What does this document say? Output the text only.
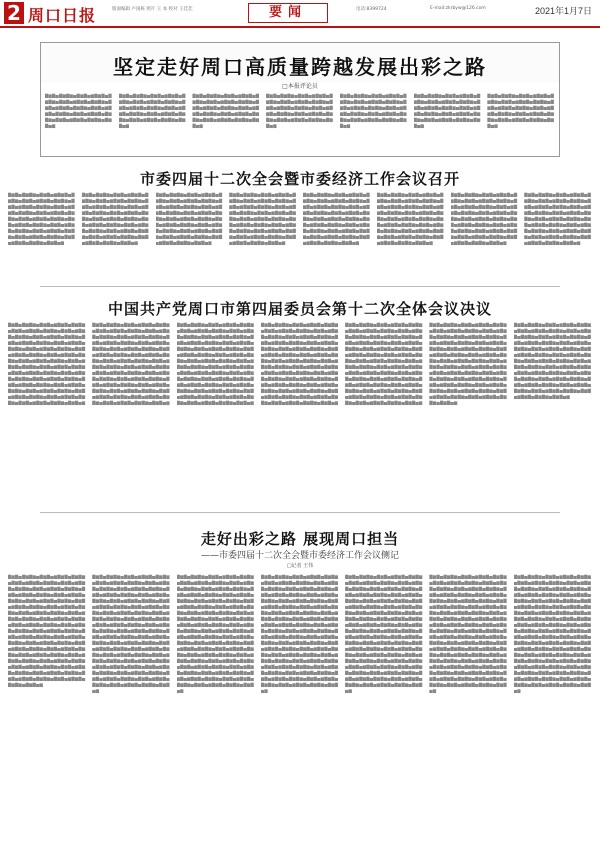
2 周口日报	版面编辑 卢国栋 照片 王 本 校对 王佳佳	要闻	电话:8399724	E-mail:zkrbyw@126.com	2021年1月7日
坚定走好周口高质量跨越发展出彩之路
□本报评论员
▇▆▇▅▇▆▇▆▅▇▆▇▅▆▇▆▇▅▇▆▇▆▅▇▆▇▅▆▇▆▇▅▇▆▇▆▅▇▆▇▅▆▇▆▇▅▇▆▇▆▅▇▆▇▅▆▇▆▇▅▇▆▇▆▅▇▆▇▅▆▇▆▇▅▇▆▇▆▅▇▆▇▅▆▇▆▇▅▇▆▇▆▅▇▆▇▅▆
▇▆▇▅▇▆▇▆▅▇▆▇▅▆▇▆▇▅▇▆▇▆▅▇▆▇▅▆▇▆▇▅▇▆▇▆▅▇▆▇▅▆▇▆▇▅▇▆▇▆▅▇▆▇▅▆▇▆▇▅▇▆▇▆▅▇▆▇▅▆▇▆▇▅▇▆▇▆▅▇▆▇▅▆▇▆▇▅▇▆▇▆▅▇▆▇▅▆
▇▆▇▅▇▆▇▆▅▇▆▇▅▆▇▆▇▅▇▆▇▆▅▇▆▇▅▆▇▆▇▅▇▆▇▆▅▇▆▇▅▆▇▆▇▅▇▆▇▆▅▇▆▇▅▆▇▆▇▅▇▆▇▆▅▇▆▇▅▆▇▆▇▅▇▆▇▆▅▇▆▇▅▆▇▆▇▅▇▆▇▆▅▇▆▇▅▆
▇▆▇▅▇▆▇▆▅▇▆▇▅▆▇▆▇▅▇▆▇▆▅▇▆▇▅▆▇▆▇▅▇▆▇▆▅▇▆▇▅▆▇▆▇▅▇▆▇▆▅▇▆▇▅▆▇▆▇▅▇▆▇▆▅▇▆▇▅▆▇▆▇▅▇▆▇▆▅▇▆▇▅▆▇▆▇▅▇▆▇▆▅▇▆▇▅▆
▇▆▇▅▇▆▇▆▅▇▆▇▅▆▇▆▇▅▇▆▇▆▅▇▆▇▅▆▇▆▇▅▇▆▇▆▅▇▆▇▅▆▇▆▇▅▇▆▇▆▅▇▆▇▅▆▇▆▇▅▇▆▇▆▅▇▆▇▅▆▇▆▇▅▇▆▇▆▅▇▆▇▅▆▇▆▇▅▇▆▇▆▅▇▆▇▅▆
▇▆▇▅▇▆▇▆▅▇▆▇▅▆▇▆▇▅▇▆▇▆▅▇▆▇▅▆▇▆▇▅▇▆▇▆▅▇▆▇▅▆▇▆▇▅▇▆▇▆▅▇▆▇▅▆▇▆▇▅▇▆▇▆▅▇▆▇▅▆▇▆▇▅▇▆▇▆▅▇▆▇▅▆▇▆▇▅▇▆▇▆▅▇▆▇▅▆
▇▆▇▅▇▆▇▆▅▇▆▇▅▆▇▆▇▅▇▆▇▆▅▇▆▇▅▆▇▆▇▅▇▆▇▆▅▇▆▇▅▆▇▆▇▅▇▆▇▆▅▇▆▇▅▆▇▆▇▅▇▆▇▆▅▇▆▇▅▆▇▆▇▅▇▆▇▆▅▇▆▇▅▆▇▆▇▅▇▆▇▆▅▇▆▇▅▆
市委四届十二次全会暨市委经济工作会议召开
▇▆▇▅▇▆▇▆▅▇▆▇▅▆▇▆▇▅▇▆▇▆▅▇▆▇▅▆▇▆▇▅▇▆▇▆▅▇▆▇▅▆▇▆▇▅▇▆▇▆▅▇▆▇▅▆▇▆▇▅▇▆▇▆▅▇▆▇▅▆▇▆▇▅▇▆▇▆▅▇▆▇▅▆▇▆▇▅▇▆▇▆▅▇▆▇▅▆▇▆▇▅▇▆▇▆▅▇▆▇▅▆▇▆▇▅▇▆▇▆▅▇▆▇▅▆▇▆▇▅▇▆▇▆▅▇▆▇▅▆▇▆▇▅▇▆▇▆▅▇▆▇▅▆▇▆▇▅▇▆▇▆▅▇▆▇▅▆
▇▆▇▅▇▆▇▆▅▇▆▇▅▆▇▆▇▅▇▆▇▆▅▇▆▇▅▆▇▆▇▅▇▆▇▆▅▇▆▇▅▆▇▆▇▅▇▆▇▆▅▇▆▇▅▆▇▆▇▅▇▆▇▆▅▇▆▇▅▆▇▆▇▅▇▆▇▆▅▇▆▇▅▆▇▆▇▅▇▆▇▆▅▇▆▇▅▆▇▆▇▅▇▆▇▆▅▇▆▇▅▆▇▆▇▅▇▆▇▆▅▇▆▇▅▆▇▆▇▅▇▆▇▆▅▇▆▇▅▆▇▆▇▅▇▆▇▆▅▇▆▇▅▆▇▆▇▅▇▆▇▆▅▇▆▇▅▆
▇▆▇▅▇▆▇▆▅▇▆▇▅▆▇▆▇▅▇▆▇▆▅▇▆▇▅▆▇▆▇▅▇▆▇▆▅▇▆▇▅▆▇▆▇▅▇▆▇▆▅▇▆▇▅▆▇▆▇▅▇▆▇▆▅▇▆▇▅▆▇▆▇▅▇▆▇▆▅▇▆▇▅▆▇▆▇▅▇▆▇▆▅▇▆▇▅▆▇▆▇▅▇▆▇▆▅▇▆▇▅▆▇▆▇▅▇▆▇▆▅▇▆▇▅▆▇▆▇▅▇▆▇▆▅▇▆▇▅▆▇▆▇▅▇▆▇▆▅▇▆▇▅▆▇▆▇▅▇▆▇▆▅▇▆▇▅▆
▇▆▇▅▇▆▇▆▅▇▆▇▅▆▇▆▇▅▇▆▇▆▅▇▆▇▅▆▇▆▇▅▇▆▇▆▅▇▆▇▅▆▇▆▇▅▇▆▇▆▅▇▆▇▅▆▇▆▇▅▇▆▇▆▅▇▆▇▅▆▇▆▇▅▇▆▇▆▅▇▆▇▅▆▇▆▇▅▇▆▇▆▅▇▆▇▅▆▇▆▇▅▇▆▇▆▅▇▆▇▅▆▇▆▇▅▇▆▇▆▅▇▆▇▅▆▇▆▇▅▇▆▇▆▅▇▆▇▅▆▇▆▇▅▇▆▇▆▅▇▆▇▅▆▇▆▇▅▇▆▇▆▅▇▆▇▅▆
▇▆▇▅▇▆▇▆▅▇▆▇▅▆▇▆▇▅▇▆▇▆▅▇▆▇▅▆▇▆▇▅▇▆▇▆▅▇▆▇▅▆▇▆▇▅▇▆▇▆▅▇▆▇▅▆▇▆▇▅▇▆▇▆▅▇▆▇▅▆▇▆▇▅▇▆▇▆▅▇▆▇▅▆▇▆▇▅▇▆▇▆▅▇▆▇▅▆▇▆▇▅▇▆▇▆▅▇▆▇▅▆▇▆▇▅▇▆▇▆▅▇▆▇▅▆▇▆▇▅▇▆▇▆▅▇▆▇▅▆▇▆▇▅▇▆▇▆▅▇▆▇▅▆▇▆▇▅▇▆▇▆▅▇▆▇▅▆
▇▆▇▅▇▆▇▆▅▇▆▇▅▆▇▆▇▅▇▆▇▆▅▇▆▇▅▆▇▆▇▅▇▆▇▆▅▇▆▇▅▆▇▆▇▅▇▆▇▆▅▇▆▇▅▆▇▆▇▅▇▆▇▆▅▇▆▇▅▆▇▆▇▅▇▆▇▆▅▇▆▇▅▆▇▆▇▅▇▆▇▆▅▇▆▇▅▆▇▆▇▅▇▆▇▆▅▇▆▇▅▆▇▆▇▅▇▆▇▆▅▇▆▇▅▆▇▆▇▅▇▆▇▆▅▇▆▇▅▆▇▆▇▅▇▆▇▆▅▇▆▇▅▆▇▆▇▅▇▆▇▆▅▇▆▇▅▆
▇▆▇▅▇▆▇▆▅▇▆▇▅▆▇▆▇▅▇▆▇▆▅▇▆▇▅▆▇▆▇▅▇▆▇▆▅▇▆▇▅▆▇▆▇▅▇▆▇▆▅▇▆▇▅▆▇▆▇▅▇▆▇▆▅▇▆▇▅▆▇▆▇▅▇▆▇▆▅▇▆▇▅▆▇▆▇▅▇▆▇▆▅▇▆▇▅▆▇▆▇▅▇▆▇▆▅▇▆▇▅▆▇▆▇▅▇▆▇▆▅▇▆▇▅▆▇▆▇▅▇▆▇▆▅▇▆▇▅▆▇▆▇▅▇▆▇▆▅▇▆▇▅▆▇▆▇▅▇▆▇▆▅▇▆▇▅▆
▇▆▇▅▇▆▇▆▅▇▆▇▅▆▇▆▇▅▇▆▇▆▅▇▆▇▅▆▇▆▇▅▇▆▇▆▅▇▆▇▅▆▇▆▇▅▇▆▇▆▅▇▆▇▅▆▇▆▇▅▇▆▇▆▅▇▆▇▅▆▇▆▇▅▇▆▇▆▅▇▆▇▅▆▇▆▇▅▇▆▇▆▅▇▆▇▅▆▇▆▇▅▇▆▇▆▅▇▆▇▅▆▇▆▇▅▇▆▇▆▅▇▆▇▅▆▇▆▇▅▇▆▇▆▅▇▆▇▅▆▇▆▇▅▇▆▇▆▅▇▆▇▅▆▇▆▇▅▇▆▇▆▅▇▆▇▅▆
中国共产党周口市第四届委员会第十二次全体会议决议
▇▆▇▅▇▆▇▆▅▇▆▇▅▆▇▆▇▅▇▆▇▆▅▇▆▇▅▆▇▆▇▅▇▆▇▆▅▇▆▇▅▆▇▆▇▅▇▆▇▆▅▇▆▇▅▆▇▆▇▅▇▆▇▆▅▇▆▇▅▆▇▆▇▅▇▆▇▆▅▇▆▇▅▆▇▆▇▅▇▆▇▆▅▇▆▇▅▆▇▆▇▅▇▆▇▆▅▇▆▇▅▆▇▆▇▅▇▆▇▆▅▇▆▇▅▆▇▆▇▅▇▆▇▆▅▇▆▇▅▆▇▆▇▅▇▆▇▆▅▇▆▇▅▆▇▆▇▅▇▆▇▆▅▇▆▇▅▆▇▆▇▅▇▆▇▆▅▇▆▇▅▆▇▆▇▅▇▆▇▆▅▇▆▇▅▆▇▆▇▅▇▆▇▆▅▇▆▇▅▆▇▆▇▅▇▆▇▆▅▇▆▇▅▆▇▆▇▅▇▆▇▆▅▇▆▇▅▆▇▆▇▅▇▆▇▆▅▇▆▇▅▆▇▆▇▅▇▆▇▆▅▇▆▇▅▆▇▆▇▅▇▆▇▆▅▇▆▇▅▆▇▆▇▅▇▆▇▆▅▇▆▇▅▆▇▆▇▅▇▆▇▆▅▇▆▇▅▆
▇▆▇▅▇▆▇▆▅▇▆▇▅▆▇▆▇▅▇▆▇▆▅▇▆▇▅▆▇▆▇▅▇▆▇▆▅▇▆▇▅▆▇▆▇▅▇▆▇▆▅▇▆▇▅▆▇▆▇▅▇▆▇▆▅▇▆▇▅▆▇▆▇▅▇▆▇▆▅▇▆▇▅▆▇▆▇▅▇▆▇▆▅▇▆▇▅▆▇▆▇▅▇▆▇▆▅▇▆▇▅▆▇▆▇▅▇▆▇▆▅▇▆▇▅▆▇▆▇▅▇▆▇▆▅▇▆▇▅▆▇▆▇▅▇▆▇▆▅▇▆▇▅▆▇▆▇▅▇▆▇▆▅▇▆▇▅▆▇▆▇▅▇▆▇▆▅▇▆▇▅▆▇▆▇▅▇▆▇▆▅▇▆▇▅▆▇▆▇▅▇▆▇▆▅▇▆▇▅▆▇▆▇▅▇▆▇▆▅▇▆▇▅▆▇▆▇▅▇▆▇▆▅▇▆▇▅▆▇▆▇▅▇▆▇▆▅▇▆▇▅▆▇▆▇▅▇▆▇▆▅▇▆▇▅▆▇▆▇▅▇▆▇▆▅▇▆▇▅▆▇▆▇▅▇▆▇▆▅▇▆▇▅▆▇▆▇▅▇▆▇▆▅▇▆▇▅▆
▇▆▇▅▇▆▇▆▅▇▆▇▅▆▇▆▇▅▇▆▇▆▅▇▆▇▅▆▇▆▇▅▇▆▇▆▅▇▆▇▅▆▇▆▇▅▇▆▇▆▅▇▆▇▅▆▇▆▇▅▇▆▇▆▅▇▆▇▅▆▇▆▇▅▇▆▇▆▅▇▆▇▅▆▇▆▇▅▇▆▇▆▅▇▆▇▅▆▇▆▇▅▇▆▇▆▅▇▆▇▅▆▇▆▇▅▇▆▇▆▅▇▆▇▅▆▇▆▇▅▇▆▇▆▅▇▆▇▅▆▇▆▇▅▇▆▇▆▅▇▆▇▅▆▇▆▇▅▇▆▇▆▅▇▆▇▅▆▇▆▇▅▇▆▇▆▅▇▆▇▅▆▇▆▇▅▇▆▇▆▅▇▆▇▅▆▇▆▇▅▇▆▇▆▅▇▆▇▅▆▇▆▇▅▇▆▇▆▅▇▆▇▅▆▇▆▇▅▇▆▇▆▅▇▆▇▅▆▇▆▇▅▇▆▇▆▅▇▆▇▅▆▇▆▇▅▇▆▇▆▅▇▆▇▅▆▇▆▇▅▇▆▇▆▅▇▆▇▅▆▇▆▇▅▇▆▇▆▅▇▆▇▅▆▇▆▇▅▇▆▇▆▅▇▆▇▅▆
▇▆▇▅▇▆▇▆▅▇▆▇▅▆▇▆▇▅▇▆▇▆▅▇▆▇▅▆▇▆▇▅▇▆▇▆▅▇▆▇▅▆▇▆▇▅▇▆▇▆▅▇▆▇▅▆▇▆▇▅▇▆▇▆▅▇▆▇▅▆▇▆▇▅▇▆▇▆▅▇▆▇▅▆▇▆▇▅▇▆▇▆▅▇▆▇▅▆▇▆▇▅▇▆▇▆▅▇▆▇▅▆▇▆▇▅▇▆▇▆▅▇▆▇▅▆▇▆▇▅▇▆▇▆▅▇▆▇▅▆▇▆▇▅▇▆▇▆▅▇▆▇▅▆▇▆▇▅▇▆▇▆▅▇▆▇▅▆▇▆▇▅▇▆▇▆▅▇▆▇▅▆▇▆▇▅▇▆▇▆▅▇▆▇▅▆▇▆▇▅▇▆▇▆▅▇▆▇▅▆▇▆▇▅▇▆▇▆▅▇▆▇▅▆▇▆▇▅▇▆▇▆▅▇▆▇▅▆▇▆▇▅▇▆▇▆▅▇▆▇▅▆▇▆▇▅▇▆▇▆▅▇▆▇▅▆▇▆▇▅▇▆▇▆▅▇▆▇▅▆▇▆▇▅▇▆▇▆▅▇▆▇▅▆▇▆▇▅▇▆▇▆▅▇▆▇▅▆
▇▆▇▅▇▆▇▆▅▇▆▇▅▆▇▆▇▅▇▆▇▆▅▇▆▇▅▆▇▆▇▅▇▆▇▆▅▇▆▇▅▆▇▆▇▅▇▆▇▆▅▇▆▇▅▆▇▆▇▅▇▆▇▆▅▇▆▇▅▆▇▆▇▅▇▆▇▆▅▇▆▇▅▆▇▆▇▅▇▆▇▆▅▇▆▇▅▆▇▆▇▅▇▆▇▆▅▇▆▇▅▆▇▆▇▅▇▆▇▆▅▇▆▇▅▆▇▆▇▅▇▆▇▆▅▇▆▇▅▆▇▆▇▅▇▆▇▆▅▇▆▇▅▆▇▆▇▅▇▆▇▆▅▇▆▇▅▆▇▆▇▅▇▆▇▆▅▇▆▇▅▆▇▆▇▅▇▆▇▆▅▇▆▇▅▆▇▆▇▅▇▆▇▆▅▇▆▇▅▆▇▆▇▅▇▆▇▆▅▇▆▇▅▆▇▆▇▅▇▆▇▆▅▇▆▇▅▆▇▆▇▅▇▆▇▆▅▇▆▇▅▆▇▆▇▅▇▆▇▆▅▇▆▇▅▆▇▆▇▅▇▆▇▆▅▇▆▇▅▆▇▆▇▅▇▆▇▆▅▇▆▇▅▆▇▆▇▅▇▆▇▆▅▇▆▇▅▆
▇▆▇▅▇▆▇▆▅▇▆▇▅▆▇▆▇▅▇▆▇▆▅▇▆▇▅▆▇▆▇▅▇▆▇▆▅▇▆▇▅▆▇▆▇▅▇▆▇▆▅▇▆▇▅▆▇▆▇▅▇▆▇▆▅▇▆▇▅▆▇▆▇▅▇▆▇▆▅▇▆▇▅▆▇▆▇▅▇▆▇▆▅▇▆▇▅▆▇▆▇▅▇▆▇▆▅▇▆▇▅▆▇▆▇▅▇▆▇▆▅▇▆▇▅▆▇▆▇▅▇▆▇▆▅▇▆▇▅▆▇▆▇▅▇▆▇▆▅▇▆▇▅▆▇▆▇▅▇▆▇▆▅▇▆▇▅▆▇▆▇▅▇▆▇▆▅▇▆▇▅▆▇▆▇▅▇▆▇▆▅▇▆▇▅▆▇▆▇▅▇▆▇▆▅▇▆▇▅▆▇▆▇▅▇▆▇▆▅▇▆▇▅▆▇▆▇▅▇▆▇▆▅▇▆▇▅▆▇▆▇▅▇▆▇▆▅▇▆▇▅▆▇▆▇▅▇▆▇▆▅▇▆▇▅▆▇▆▇▅▇▆▇▆▅▇▆▇▅▆▇▆▇▅▇▆▇▆▅▇▆▇▅▆
▇▆▇▅▇▆▇▆▅▇▆▇▅▆▇▆▇▅▇▆▇▆▅▇▆▇▅▆▇▆▇▅▇▆▇▆▅▇▆▇▅▆▇▆▇▅▇▆▇▆▅▇▆▇▅▆▇▆▇▅▇▆▇▆▅▇▆▇▅▆▇▆▇▅▇▆▇▆▅▇▆▇▅▆▇▆▇▅▇▆▇▆▅▇▆▇▅▆▇▆▇▅▇▆▇▆▅▇▆▇▅▆▇▆▇▅▇▆▇▆▅▇▆▇▅▆▇▆▇▅▇▆▇▆▅▇▆▇▅▆▇▆▇▅▇▆▇▆▅▇▆▇▅▆▇▆▇▅▇▆▇▆▅▇▆▇▅▆▇▆▇▅▇▆▇▆▅▇▆▇▅▆▇▆▇▅▇▆▇▆▅▇▆▇▅▆▇▆▇▅▇▆▇▆▅▇▆▇▅▆▇▆▇▅▇▆▇▆▅▇▆▇▅▆▇▆▇▅▇▆▇▆▅▇▆▇▅▆▇▆▇▅▇▆▇▆▅▇▆▇▅▆▇▆▇▅▇▆▇▆▅▇▆▇▅▆▇▆▇▅▇▆▇▆▅▇▆▇▅▆
走好出彩之路 展现周口担当
——市委四届十二次全会暨市委经济工作会议侧记
□记者 王伟
▇▆▇▅▇▆▇▆▅▇▆▇▅▆▇▆▇▅▇▆▇▆▅▇▆▇▅▆▇▆▇▅▇▆▇▆▅▇▆▇▅▆▇▆▇▅▇▆▇▆▅▇▆▇▅▆▇▆▇▅▇▆▇▆▅▇▆▇▅▆▇▆▇▅▇▆▇▆▅▇▆▇▅▆▇▆▇▅▇▆▇▆▅▇▆▇▅▆▇▆▇▅▇▆▇▆▅▇▆▇▅▆▇▆▇▅▇▆▇▆▅▇▆▇▅▆▇▆▇▅▇▆▇▆▅▇▆▇▅▆▇▆▇▅▇▆▇▆▅▇▆▇▅▆▇▆▇▅▇▆▇▆▅▇▆▇▅▆▇▆▇▅▇▆▇▆▅▇▆▇▅▆▇▆▇▅▇▆▇▆▅▇▆▇▅▆▇▆▇▅▇▆▇▆▅▇▆▇▅▆▇▆▇▅▇▆▇▆▅▇▆▇▅▆▇▆▇▅▇▆▇▆▅▇▆▇▅▆▇▆▇▅▇▆▇▆▅▇▆▇▅▆▇▆▇▅▇▆▇▆▅▇▆▇▅▆▇▆▇▅▇▆▇▆▅▇▆▇▅▆▇▆▇▅▇▆▇▆▅▇▆▇▅▆▇▆▇▅▇▆▇▆▅▇▆▇▅▆▇▆▇▅▇▆▇▆▅▇▆▇▅▆▇▆▇▅▇▆▇▆▅▇▆▇▅▆▇▆▇▅▇▆▇▆▅▇▆▇▅▆▇▆▇▅▇▆▇▆▅▇▆▇▅▆▇▆▇▅▇▆▇▆▅▇▆▇▅▆▇▆▇▅▇▆▇▆▅▇▆▇▅▆▇▆▇▅▇▆▇▆▅▇▆▇▅▆
▇▆▇▅▇▆▇▆▅▇▆▇▅▆▇▆▇▅▇▆▇▆▅▇▆▇▅▆▇▆▇▅▇▆▇▆▅▇▆▇▅▆▇▆▇▅▇▆▇▆▅▇▆▇▅▆▇▆▇▅▇▆▇▆▅▇▆▇▅▆▇▆▇▅▇▆▇▆▅▇▆▇▅▆▇▆▇▅▇▆▇▆▅▇▆▇▅▆▇▆▇▅▇▆▇▆▅▇▆▇▅▆▇▆▇▅▇▆▇▆▅▇▆▇▅▆▇▆▇▅▇▆▇▆▅▇▆▇▅▆▇▆▇▅▇▆▇▆▅▇▆▇▅▆▇▆▇▅▇▆▇▆▅▇▆▇▅▆▇▆▇▅▇▆▇▆▅▇▆▇▅▆▇▆▇▅▇▆▇▆▅▇▆▇▅▆▇▆▇▅▇▆▇▆▅▇▆▇▅▆▇▆▇▅▇▆▇▆▅▇▆▇▅▆▇▆▇▅▇▆▇▆▅▇▆▇▅▆▇▆▇▅▇▆▇▆▅▇▆▇▅▆▇▆▇▅▇▆▇▆▅▇▆▇▅▆▇▆▇▅▇▆▇▆▅▇▆▇▅▆▇▆▇▅▇▆▇▆▅▇▆▇▅▆▇▆▇▅▇▆▇▆▅▇▆▇▅▆▇▆▇▅▇▆▇▆▅▇▆▇▅▆▇▆▇▅▇▆▇▆▅▇▆▇▅▆▇▆▇▅▇▆▇▆▅▇▆▇▅▆▇▆▇▅▇▆▇▆▅▇▆▇▅▆▇▆▇▅▇▆▇▆▅▇▆▇▅▆▇▆▇▅▇▆▇▆▅▇▆▇▅▆▇▆▇▅▇▆▇▆▅▇▆▇▅▆▇▆▇▅▇▆▇▆▅▇▆▇▅▆
▇▆▇▅▇▆▇▆▅▇▆▇▅▆▇▆▇▅▇▆▇▆▅▇▆▇▅▆▇▆▇▅▇▆▇▆▅▇▆▇▅▆▇▆▇▅▇▆▇▆▅▇▆▇▅▆▇▆▇▅▇▆▇▆▅▇▆▇▅▆▇▆▇▅▇▆▇▆▅▇▆▇▅▆▇▆▇▅▇▆▇▆▅▇▆▇▅▆▇▆▇▅▇▆▇▆▅▇▆▇▅▆▇▆▇▅▇▆▇▆▅▇▆▇▅▆▇▆▇▅▇▆▇▆▅▇▆▇▅▆▇▆▇▅▇▆▇▆▅▇▆▇▅▆▇▆▇▅▇▆▇▆▅▇▆▇▅▆▇▆▇▅▇▆▇▆▅▇▆▇▅▆▇▆▇▅▇▆▇▆▅▇▆▇▅▆▇▆▇▅▇▆▇▆▅▇▆▇▅▆▇▆▇▅▇▆▇▆▅▇▆▇▅▆▇▆▇▅▇▆▇▆▅▇▆▇▅▆▇▆▇▅▇▆▇▆▅▇▆▇▅▆▇▆▇▅▇▆▇▆▅▇▆▇▅▆▇▆▇▅▇▆▇▆▅▇▆▇▅▆▇▆▇▅▇▆▇▆▅▇▆▇▅▆▇▆▇▅▇▆▇▆▅▇▆▇▅▆▇▆▇▅▇▆▇▆▅▇▆▇▅▆▇▆▇▅▇▆▇▆▅▇▆▇▅▆▇▆▇▅▇▆▇▆▅▇▆▇▅▆▇▆▇▅▇▆▇▆▅▇▆▇▅▆▇▆▇▅▇▆▇▆▅▇▆▇▅▆▇▆▇▅▇▆▇▆▅▇▆▇▅▆▇▆▇▅▇▆▇▆▅▇▆▇▅▆▇▆▇▅▇▆▇▆▅▇▆▇▅▆
▇▆▇▅▇▆▇▆▅▇▆▇▅▆▇▆▇▅▇▆▇▆▅▇▆▇▅▆▇▆▇▅▇▆▇▆▅▇▆▇▅▆▇▆▇▅▇▆▇▆▅▇▆▇▅▆▇▆▇▅▇▆▇▆▅▇▆▇▅▆▇▆▇▅▇▆▇▆▅▇▆▇▅▆▇▆▇▅▇▆▇▆▅▇▆▇▅▆▇▆▇▅▇▆▇▆▅▇▆▇▅▆▇▆▇▅▇▆▇▆▅▇▆▇▅▆▇▆▇▅▇▆▇▆▅▇▆▇▅▆▇▆▇▅▇▆▇▆▅▇▆▇▅▆▇▆▇▅▇▆▇▆▅▇▆▇▅▆▇▆▇▅▇▆▇▆▅▇▆▇▅▆▇▆▇▅▇▆▇▆▅▇▆▇▅▆▇▆▇▅▇▆▇▆▅▇▆▇▅▆▇▆▇▅▇▆▇▆▅▇▆▇▅▆▇▆▇▅▇▆▇▆▅▇▆▇▅▆▇▆▇▅▇▆▇▆▅▇▆▇▅▆▇▆▇▅▇▆▇▆▅▇▆▇▅▆▇▆▇▅▇▆▇▆▅▇▆▇▅▆▇▆▇▅▇▆▇▆▅▇▆▇▅▆▇▆▇▅▇▆▇▆▅▇▆▇▅▆▇▆▇▅▇▆▇▆▅▇▆▇▅▆▇▆▇▅▇▆▇▆▅▇▆▇▅▆▇▆▇▅▇▆▇▆▅▇▆▇▅▆▇▆▇▅▇▆▇▆▅▇▆▇▅▆▇▆▇▅▇▆▇▆▅▇▆▇▅▆▇▆▇▅▇▆▇▆▅▇▆▇▅▆▇▆▇▅▇▆▇▆▅▇▆▇▅▆▇▆▇▅▇▆▇▆▅▇▆▇▅▆
▇▆▇▅▇▆▇▆▅▇▆▇▅▆▇▆▇▅▇▆▇▆▅▇▆▇▅▆▇▆▇▅▇▆▇▆▅▇▆▇▅▆▇▆▇▅▇▆▇▆▅▇▆▇▅▆▇▆▇▅▇▆▇▆▅▇▆▇▅▆▇▆▇▅▇▆▇▆▅▇▆▇▅▆▇▆▇▅▇▆▇▆▅▇▆▇▅▆▇▆▇▅▇▆▇▆▅▇▆▇▅▆▇▆▇▅▇▆▇▆▅▇▆▇▅▆▇▆▇▅▇▆▇▆▅▇▆▇▅▆▇▆▇▅▇▆▇▆▅▇▆▇▅▆▇▆▇▅▇▆▇▆▅▇▆▇▅▆▇▆▇▅▇▆▇▆▅▇▆▇▅▆▇▆▇▅▇▆▇▆▅▇▆▇▅▆▇▆▇▅▇▆▇▆▅▇▆▇▅▆▇▆▇▅▇▆▇▆▅▇▆▇▅▆▇▆▇▅▇▆▇▆▅▇▆▇▅▆▇▆▇▅▇▆▇▆▅▇▆▇▅▆▇▆▇▅▇▆▇▆▅▇▆▇▅▆▇▆▇▅▇▆▇▆▅▇▆▇▅▆▇▆▇▅▇▆▇▆▅▇▆▇▅▆▇▆▇▅▇▆▇▆▅▇▆▇▅▆▇▆▇▅▇▆▇▆▅▇▆▇▅▆▇▆▇▅▇▆▇▆▅▇▆▇▅▆▇▆▇▅▇▆▇▆▅▇▆▇▅▆▇▆▇▅▇▆▇▆▅▇▆▇▅▆▇▆▇▅▇▆▇▆▅▇▆▇▅▆▇▆▇▅▇▆▇▆▅▇▆▇▅▆▇▆▇▅▇▆▇▆▅▇▆▇▅▆▇▆▇▅▇▆▇▆▅▇▆▇▅▆
▇▆▇▅▇▆▇▆▅▇▆▇▅▆▇▆▇▅▇▆▇▆▅▇▆▇▅▆▇▆▇▅▇▆▇▆▅▇▆▇▅▆▇▆▇▅▇▆▇▆▅▇▆▇▅▆▇▆▇▅▇▆▇▆▅▇▆▇▅▆▇▆▇▅▇▆▇▆▅▇▆▇▅▆▇▆▇▅▇▆▇▆▅▇▆▇▅▆▇▆▇▅▇▆▇▆▅▇▆▇▅▆▇▆▇▅▇▆▇▆▅▇▆▇▅▆▇▆▇▅▇▆▇▆▅▇▆▇▅▆▇▆▇▅▇▆▇▆▅▇▆▇▅▆▇▆▇▅▇▆▇▆▅▇▆▇▅▆▇▆▇▅▇▆▇▆▅▇▆▇▅▆▇▆▇▅▇▆▇▆▅▇▆▇▅▆▇▆▇▅▇▆▇▆▅▇▆▇▅▆▇▆▇▅▇▆▇▆▅▇▆▇▅▆▇▆▇▅▇▆▇▆▅▇▆▇▅▆▇▆▇▅▇▆▇▆▅▇▆▇▅▆▇▆▇▅▇▆▇▆▅▇▆▇▅▆▇▆▇▅▇▆▇▆▅▇▆▇▅▆▇▆▇▅▇▆▇▆▅▇▆▇▅▆▇▆▇▅▇▆▇▆▅▇▆▇▅▆▇▆▇▅▇▆▇▆▅▇▆▇▅▆▇▆▇▅▇▆▇▆▅▇▆▇▅▆▇▆▇▅▇▆▇▆▅▇▆▇▅▆▇▆▇▅▇▆▇▆▅▇▆▇▅▆▇▆▇▅▇▆▇▆▅▇▆▇▅▆▇▆▇▅▇▆▇▆▅▇▆▇▅▆▇▆▇▅▇▆▇▆▅▇▆▇▅▆▇▆▇▅▇▆▇▆▅▇▆▇▅▆
▇▆▇▅▇▆▇▆▅▇▆▇▅▆▇▆▇▅▇▆▇▆▅▇▆▇▅▆▇▆▇▅▇▆▇▆▅▇▆▇▅▆▇▆▇▅▇▆▇▆▅▇▆▇▅▆▇▆▇▅▇▆▇▆▅▇▆▇▅▆▇▆▇▅▇▆▇▆▅▇▆▇▅▆▇▆▇▅▇▆▇▆▅▇▆▇▅▆▇▆▇▅▇▆▇▆▅▇▆▇▅▆▇▆▇▅▇▆▇▆▅▇▆▇▅▆▇▆▇▅▇▆▇▆▅▇▆▇▅▆▇▆▇▅▇▆▇▆▅▇▆▇▅▆▇▆▇▅▇▆▇▆▅▇▆▇▅▆▇▆▇▅▇▆▇▆▅▇▆▇▅▆▇▆▇▅▇▆▇▆▅▇▆▇▅▆▇▆▇▅▇▆▇▆▅▇▆▇▅▆▇▆▇▅▇▆▇▆▅▇▆▇▅▆▇▆▇▅▇▆▇▆▅▇▆▇▅▆▇▆▇▅▇▆▇▆▅▇▆▇▅▆▇▆▇▅▇▆▇▆▅▇▆▇▅▆▇▆▇▅▇▆▇▆▅▇▆▇▅▆▇▆▇▅▇▆▇▆▅▇▆▇▅▆▇▆▇▅▇▆▇▆▅▇▆▇▅▆▇▆▇▅▇▆▇▆▅▇▆▇▅▆▇▆▇▅▇▆▇▆▅▇▆▇▅▆▇▆▇▅▇▆▇▆▅▇▆▇▅▆▇▆▇▅▇▆▇▆▅▇▆▇▅▆▇▆▇▅▇▆▇▆▅▇▆▇▅▆▇▆▇▅▇▆▇▆▅▇▆▇▅▆▇▆▇▅▇▆▇▆▅▇▆▇▅▆▇▆▇▅▇▆▇▆▅▇▆▇▅▆
